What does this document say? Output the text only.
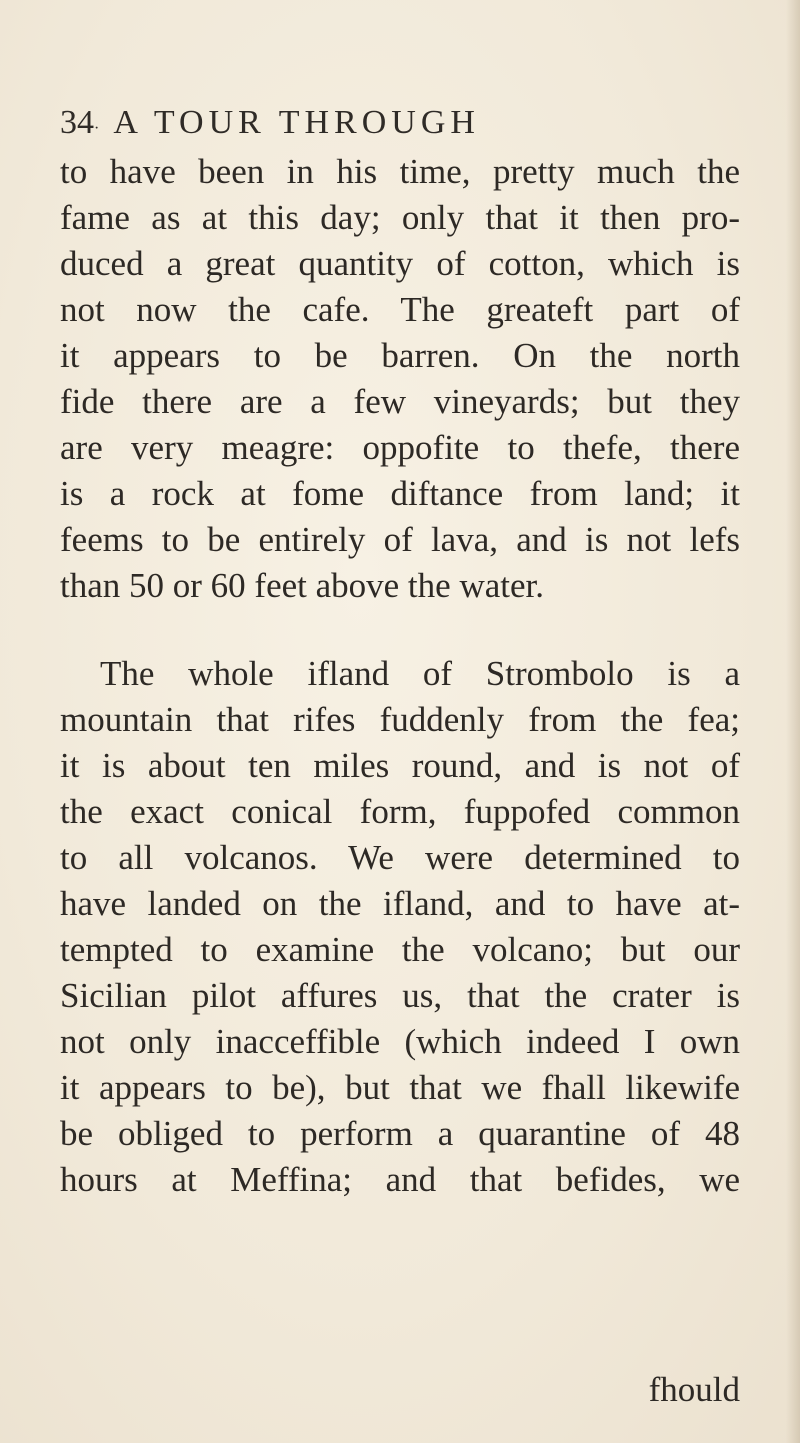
34· A TOUR THROUGH
to have been in his time, pretty much the
fame as at this day; only that it then pro-
duced a great quantity of cotton, which is
not now the cafe. The greateft part of
it appears to be barren. On the north
fide there are a few vineyards; but they
are very meagre: oppofite to thefe, there
is a rock at fome diftance from land; it
feems to be entirely of lava, and is not lefs
than 50 or 60 feet above the water.
The whole ifland of Strombolo is a
mountain that rifes fuddenly from the fea;
it is about ten miles round, and is not of
the exact conical form, fuppofed common
to all volcanos. We were determined to
have landed on the ifland, and to have at-
tempted to examine the volcano; but our
Sicilian pilot affures us, that the crater is
not only inacceffible (which indeed I own
it appears to be), but that we fhall likewife
be obliged to perform a quarantine of 48
hours at Meffina; and that befides, we
fhould
